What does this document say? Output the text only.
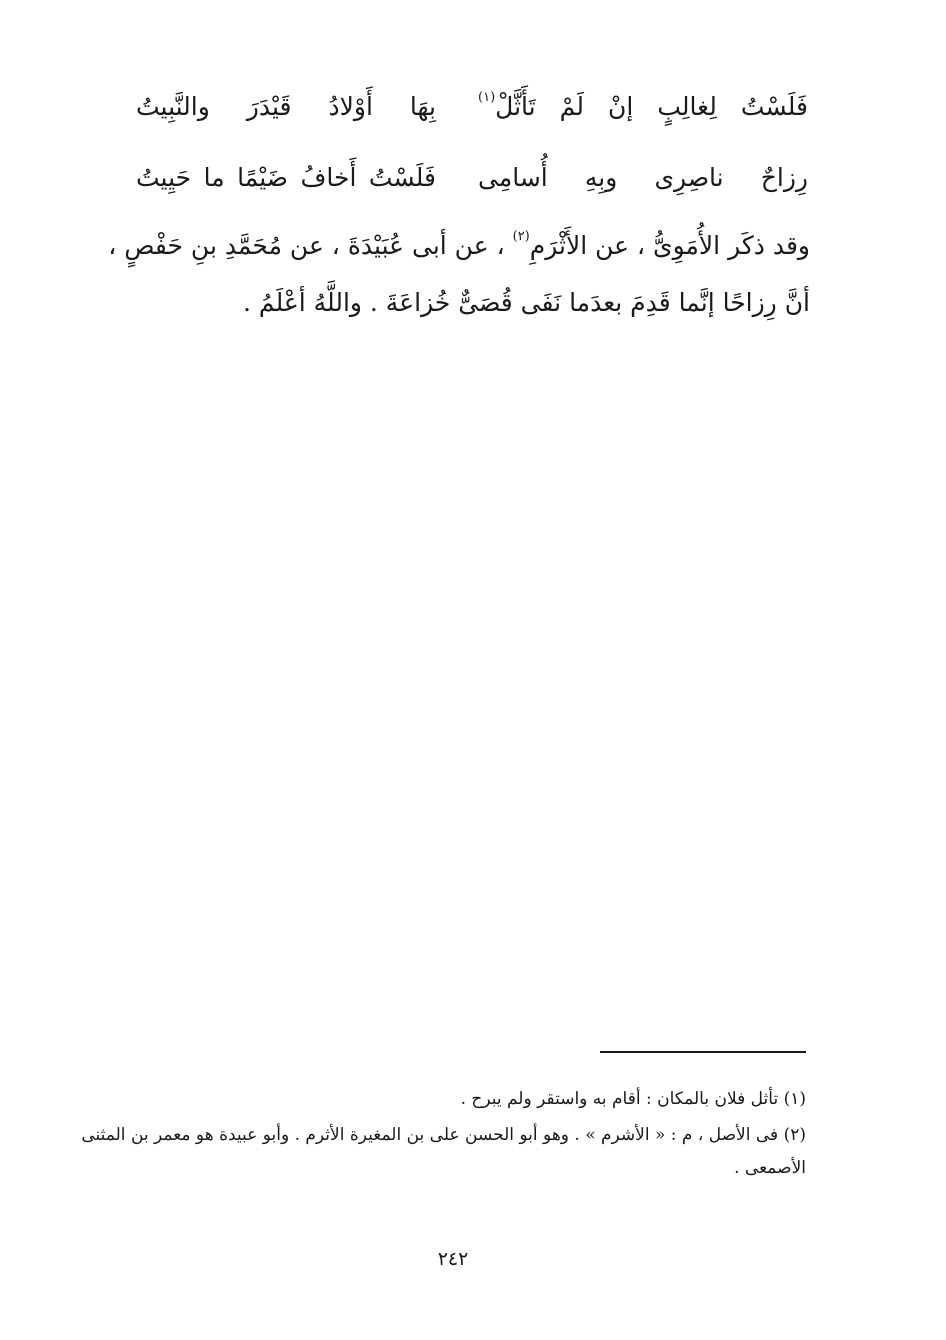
فَلَسْتُ لِغالِبٍ إنْ لَمْ تَأَثَّلْ$^{(١)}$
بِهَا أَوْلادُ قَيْدَرَ والنَّبِيتُ
رِزاحٌ ناصِرِى وبِهِ أُسامِى
فَلَسْتُ أَخافُ ضَيْمًا ما حَيِيتُ
وقد ذكَر الأُمَوِىُّ ، عن الأَثْرَمِ$^{(٢)}$ ، عن أبى عُبَيْدَةَ ، عن مُحَمَّدِ بنِ حَفْصٍ ،
أنَّ رِزاحًا إنَّما قَدِمَ بعدَما نَفَى قُصَىٌّ خُزاعَةَ . واللَّهُ أعْلَمُ .
(١) تأثل فلان بالمكان : أقام به واستقر ولم يبرح .
(٢) فى الأصل ، م : « الأشرم » . وهو أبو الحسن على بن المغيرة الأثرم . وأبو عبيدة هو معمر بن المثنى
الأصمعى .
٢٤٢
